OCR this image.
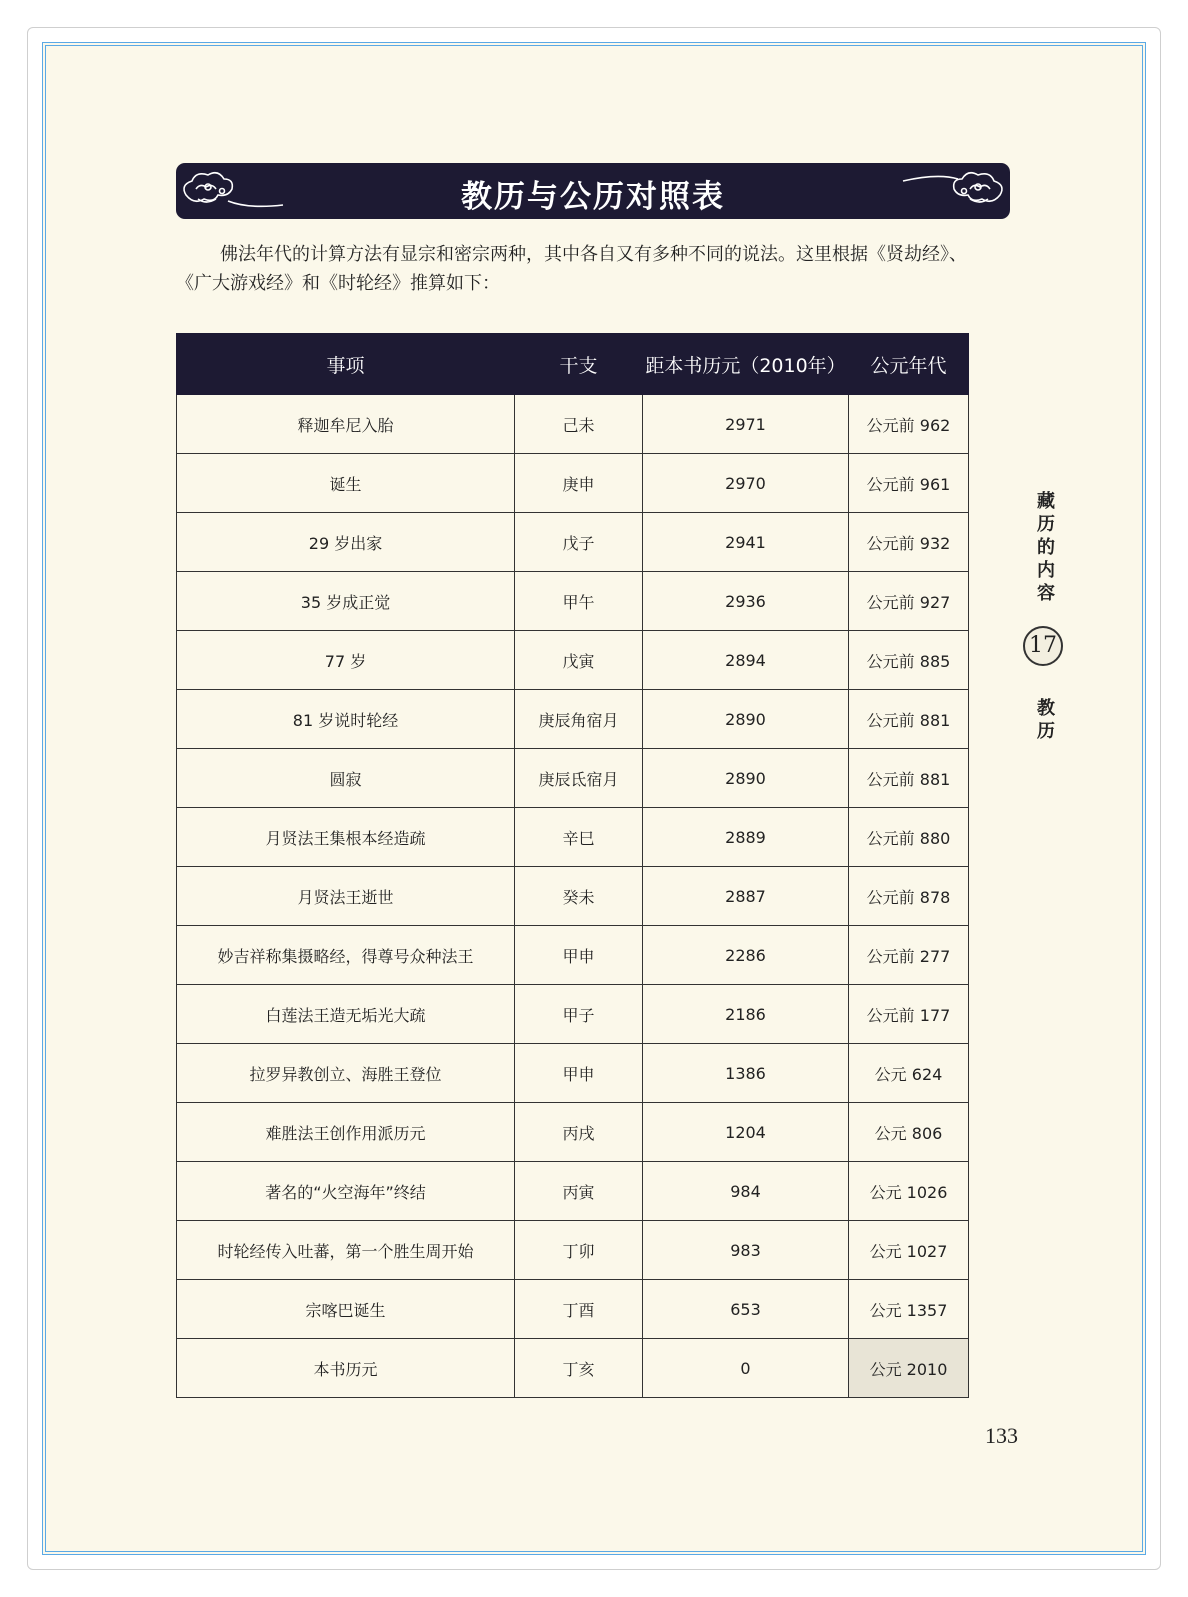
教历与公历对照表
佛法年代的计算方法有显宗和密宗两种，其中各自又有多种不同的说法。这里根据《贤劫经》、《广大游戏经》和《时轮经》推算如下：
事项	干支	距本书历元（2010年）	公元年代
释迦牟尼入胎	己未	2971	公元前 962
诞生	庚申	2970	公元前 961
29 岁出家	戊子	2941	公元前 932
35 岁成正觉	甲午	2936	公元前 927
77 岁	戊寅	2894	公元前 885
81 岁说时轮经	庚辰角宿月	2890	公元前 881
圆寂	庚辰氐宿月	2890	公元前 881
月贤法王集根本经造疏	辛巳	2889	公元前 880
月贤法王逝世	癸未	2887	公元前 878
妙吉祥称集摄略经，得尊号众种法王	甲申	2286	公元前 277
白莲法王造无垢光大疏	甲子	2186	公元前 177
拉罗异教创立、海胜王登位	甲申	1386	公元 624
难胜法王创作用派历元	丙戌	1204	公元 806
著名的“火空海年”终结	丙寅	984	公元 1026
时轮经传入吐蕃，第一个胜生周开始	丁卯	983	公元 1027
宗喀巴诞生	丁酉	653	公元 1357
本书历元	丁亥	0	公元 2010
藏历的内容
17
教历
133
